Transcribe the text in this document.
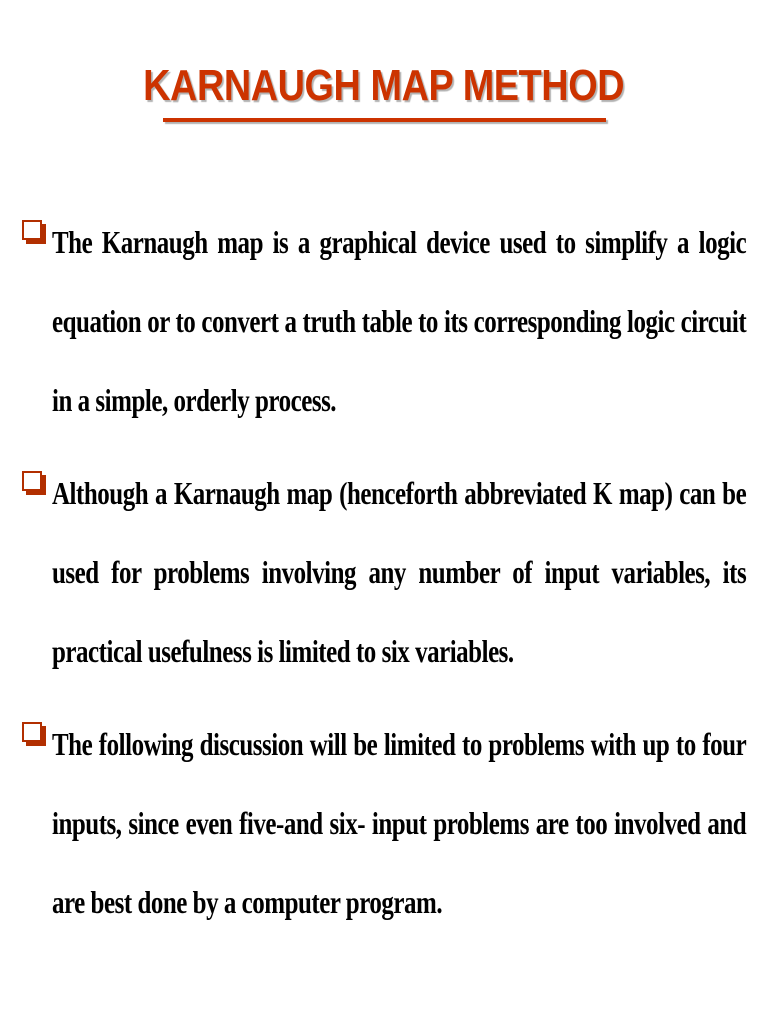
KARNAUGH MAP METHOD
The Karnaugh map is a graphical device used to simplify a logic equation or to convert a truth table to its corresponding logic circuit in a simple, orderly process.
Although a Karnaugh map (henceforth abbreviated K map) can be used for problems involving any number of input variables, its practical usefulness is limited to six variables.
The following discussion will be limited to problems with up to four inputs, since even five-and six- input problems are too involved and are best done by a computer program.
